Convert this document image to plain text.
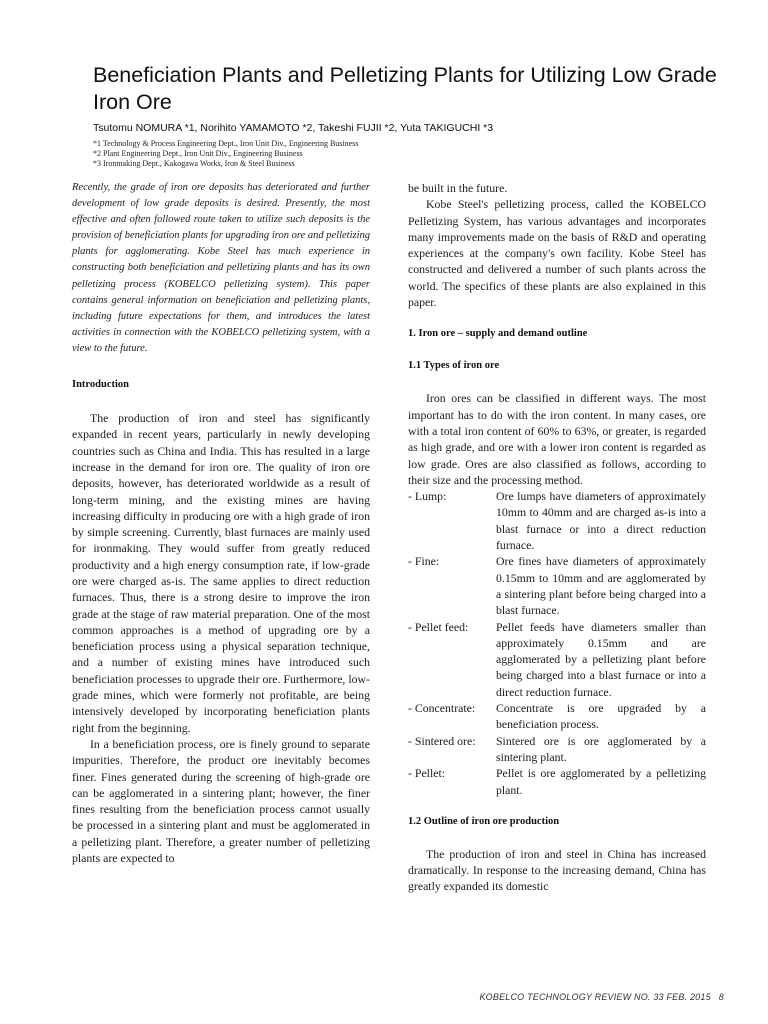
Beneficiation Plants and Pelletizing Plants for Utilizing Low Grade Iron Ore

Tsutomu NOMURA *1, Norihito YAMAMOTO *2, Takeshi FUJII *2, Yuta TAKIGUCHI *3

*1 Technology & Process Engineering Dept., Iron Unit Div., Engineering Business

*2 Plant Engineering Dept., Iron Unit Div., Engineering Business

*3 Ironmaking Dept., Kakogawa Works, Iron & Steel Business

Recently, the grade of iron ore deposits has deteriorated and further development of low grade deposits is desired. Presently, the most effective and often followed route taken to utilize such deposits is the provision of beneficiation plants for upgrading iron ore and pelletizing plants for agglomerating. Kobe Steel has much experience in constructing both beneficiation and pelletizing plants and has its own pelletizing process (KOBELCO pelletizing system). This paper contains general information on beneficiation and pelletizing plants, including future expectations for them, and introduces the latest activities in connection with the KOBELCO pelletizing system, with a view to the future.

Introduction

The production of iron and steel has significantly expanded in recent years, particularly in newly developing countries such as China and India. This has resulted in a large increase in the demand for iron ore. The quality of iron ore deposits, however, has deteriorated worldwide as a result of long-term mining, and the existing mines are having increasing difficulty in producing ore with a high grade of iron by simple screening. Currently, blast furnaces are mainly used for ironmaking. They would suffer from greatly reduced productivity and a high energy consumption rate, if low-grade ore were charged as-is. The same applies to direct reduction furnaces. Thus, there is a strong desire to improve the iron grade at the stage of raw material preparation. One of the most common approaches is a method of upgrading ore by a beneficiation process using a physical separation technique, and a number of existing mines have introduced such beneficiation processes to upgrade their ore. Furthermore, low-grade mines, which were formerly not profitable, are being intensively developed by incorporating beneficiation plants right from the beginning.

In a beneficiation process, ore is finely ground to separate impurities. Therefore, the product ore inevitably becomes finer. Fines generated during the screening of high-grade ore can be agglomerated in a sintering plant; however, the finer fines resulting from the beneficiation process cannot usually be processed in a sintering plant and must be agglomerated in a pelletizing plant. Therefore, a greater number of pelletizing plants are expected to

be built in the future.

Kobe Steel's pelletizing process, called the KOBELCO Pelletizing System, has various advantages and incorporates many improvements made on the basis of R&D and operating experiences at the company's own facility. Kobe Steel has constructed and delivered a number of such plants across the world. The specifics of these plants are also explained in this paper.

1. Iron ore – supply and demand outline

1.1 Types of iron ore

Iron ores can be classified in different ways. The most important has to do with the iron content. In many cases, ore with a total iron content of 60% to 63%, or greater, is regarded as high grade, and ore with a lower iron content is regarded as low grade. Ores are also classified as follows, according to their size and the processing method.

- Lump:	Ore lumps have diameters of approximately 10mm to 40mm and are charged as-is into a blast furnace or into a direct reduction furnace.
- Fine:	Ore fines have diameters of approximately 0.15mm to 10mm and are agglomerated by a sintering plant before being charged into a blast furnace.
- Pellet feed:	Pellet feeds have diameters smaller than approximately 0.15mm and are agglomerated by a pelletizing plant before being charged into a blast furnace or into a direct reduction furnace.
- Concentrate:	Concentrate is ore upgraded by a beneficiation process.
- Sintered ore:	Sintered ore is ore agglomerated by a sintering plant.
- Pellet:	Pellet is ore agglomerated by a pelletizing plant.

1.2 Outline of iron ore production

The production of iron and steel in China has increased dramatically. In response to the increasing demand, China has greatly expanded its domestic

KOBELCO TECHNOLOGY REVIEW NO. 33 FEB. 2015 8
